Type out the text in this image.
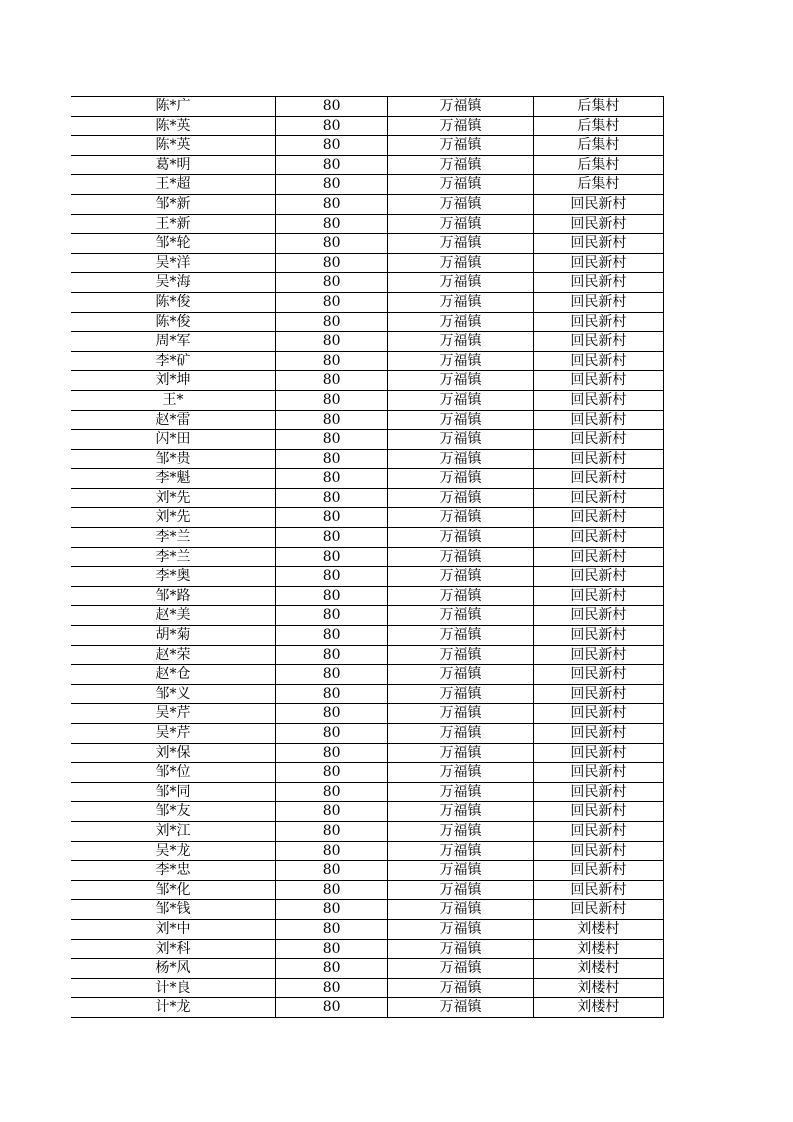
陈*广	80	万福镇	后集村
陈*英	80	万福镇	后集村
陈*英	80	万福镇	后集村
葛*明	80	万福镇	后集村
王*超	80	万福镇	后集村
邹*新	80	万福镇	回民新村
王*新	80	万福镇	回民新村
邹*轮	80	万福镇	回民新村
吴*洋	80	万福镇	回民新村
吴*海	80	万福镇	回民新村
陈*俊	80	万福镇	回民新村
陈*俊	80	万福镇	回民新村
周*军	80	万福镇	回民新村
李*矿	80	万福镇	回民新村
刘*坤	80	万福镇	回民新村
王*	80	万福镇	回民新村
赵*雷	80	万福镇	回民新村
闪*田	80	万福镇	回民新村
邹*贵	80	万福镇	回民新村
李*魁	80	万福镇	回民新村
刘*先	80	万福镇	回民新村
刘*先	80	万福镇	回民新村
李*兰	80	万福镇	回民新村
李*兰	80	万福镇	回民新村
李*奥	80	万福镇	回民新村
邹*路	80	万福镇	回民新村
赵*美	80	万福镇	回民新村
胡*菊	80	万福镇	回民新村
赵*荣	80	万福镇	回民新村
赵*仓	80	万福镇	回民新村
邹*义	80	万福镇	回民新村
吴*芹	80	万福镇	回民新村
吴*芹	80	万福镇	回民新村
刘*保	80	万福镇	回民新村
邹*位	80	万福镇	回民新村
邹*同	80	万福镇	回民新村
邹*友	80	万福镇	回民新村
刘*江	80	万福镇	回民新村
吴*龙	80	万福镇	回民新村
李*忠	80	万福镇	回民新村
邹*化	80	万福镇	回民新村
邹*钱	80	万福镇	回民新村
刘*中	80	万福镇	刘楼村
刘*科	80	万福镇	刘楼村
杨*风	80	万福镇	刘楼村
计*良	80	万福镇	刘楼村
计*龙	80	万福镇	刘楼村
